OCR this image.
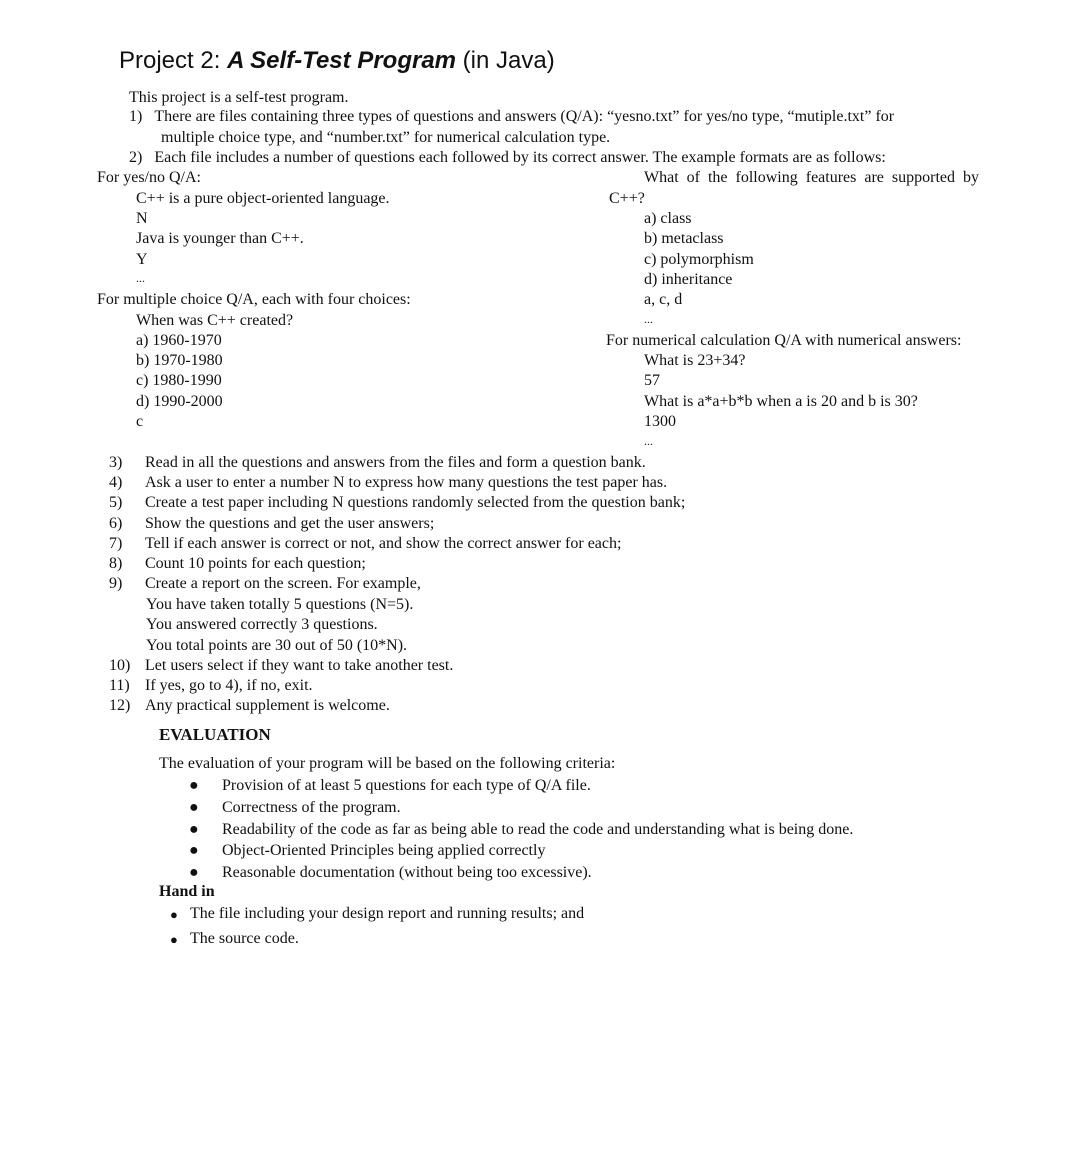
Project 2: A Self-Test Program (in Java)
This project is a self-test program.
1) There are files containing three types of questions and answers (Q/A): “yesno.txt” for yes/no type, “mutiple.txt” for
multiple choice type, and “number.txt” for numerical calculation type.
2) Each file includes a number of questions each followed by its correct answer. The example formats are as follows:
For yes/no Q/A:
C++ is a pure object-oriented language.
N
Java is younger than C++.
Y
...
For multiple choice Q/A, each with four choices:
When was C++ created?
a) 1960-1970
b) 1970-1980
c) 1980-1990
d) 1990-2000
c
What  of  the  following  features  are  supported  by
C++?
a) class
b) metaclass
c) polymorphism
d) inheritance
a, c, d
...
For numerical calculation Q/A with numerical answers:
What is 23+34?
57
What is a*a+b*b when a is 20 and b is 30?
1300
...
3) Read in all the questions and answers from the files and form a question bank.
4) Ask a user to enter a number N to express how many questions the test paper has.
5) Create a test paper including N questions randomly selected from the question bank;
6) Show the questions and get the user answers;
7) Tell if each answer is correct or not, and show the correct answer for each;
8) Count 10 points for each question;
9) Create a report on the screen. For example,
You have taken totally 5 questions (N=5).
You answered correctly 3 questions.
You total points are 30 out of 50 (10*N).
10) Let users select if they want to take another test.
11) If yes, go to 4), if no, exit.
12) Any practical supplement is welcome.
EVALUATION
The evaluation of your program will be based on the following criteria:
● Provision of at least 5 questions for each type of Q/A file.
● Correctness of the program.
● Readability of the code as far as being able to read the code and understanding what is being done.
● Object-Oriented Principles being applied correctly
● Reasonable documentation (without being too excessive).
Hand in
● The file including your design report and running results; and
● The source code.
